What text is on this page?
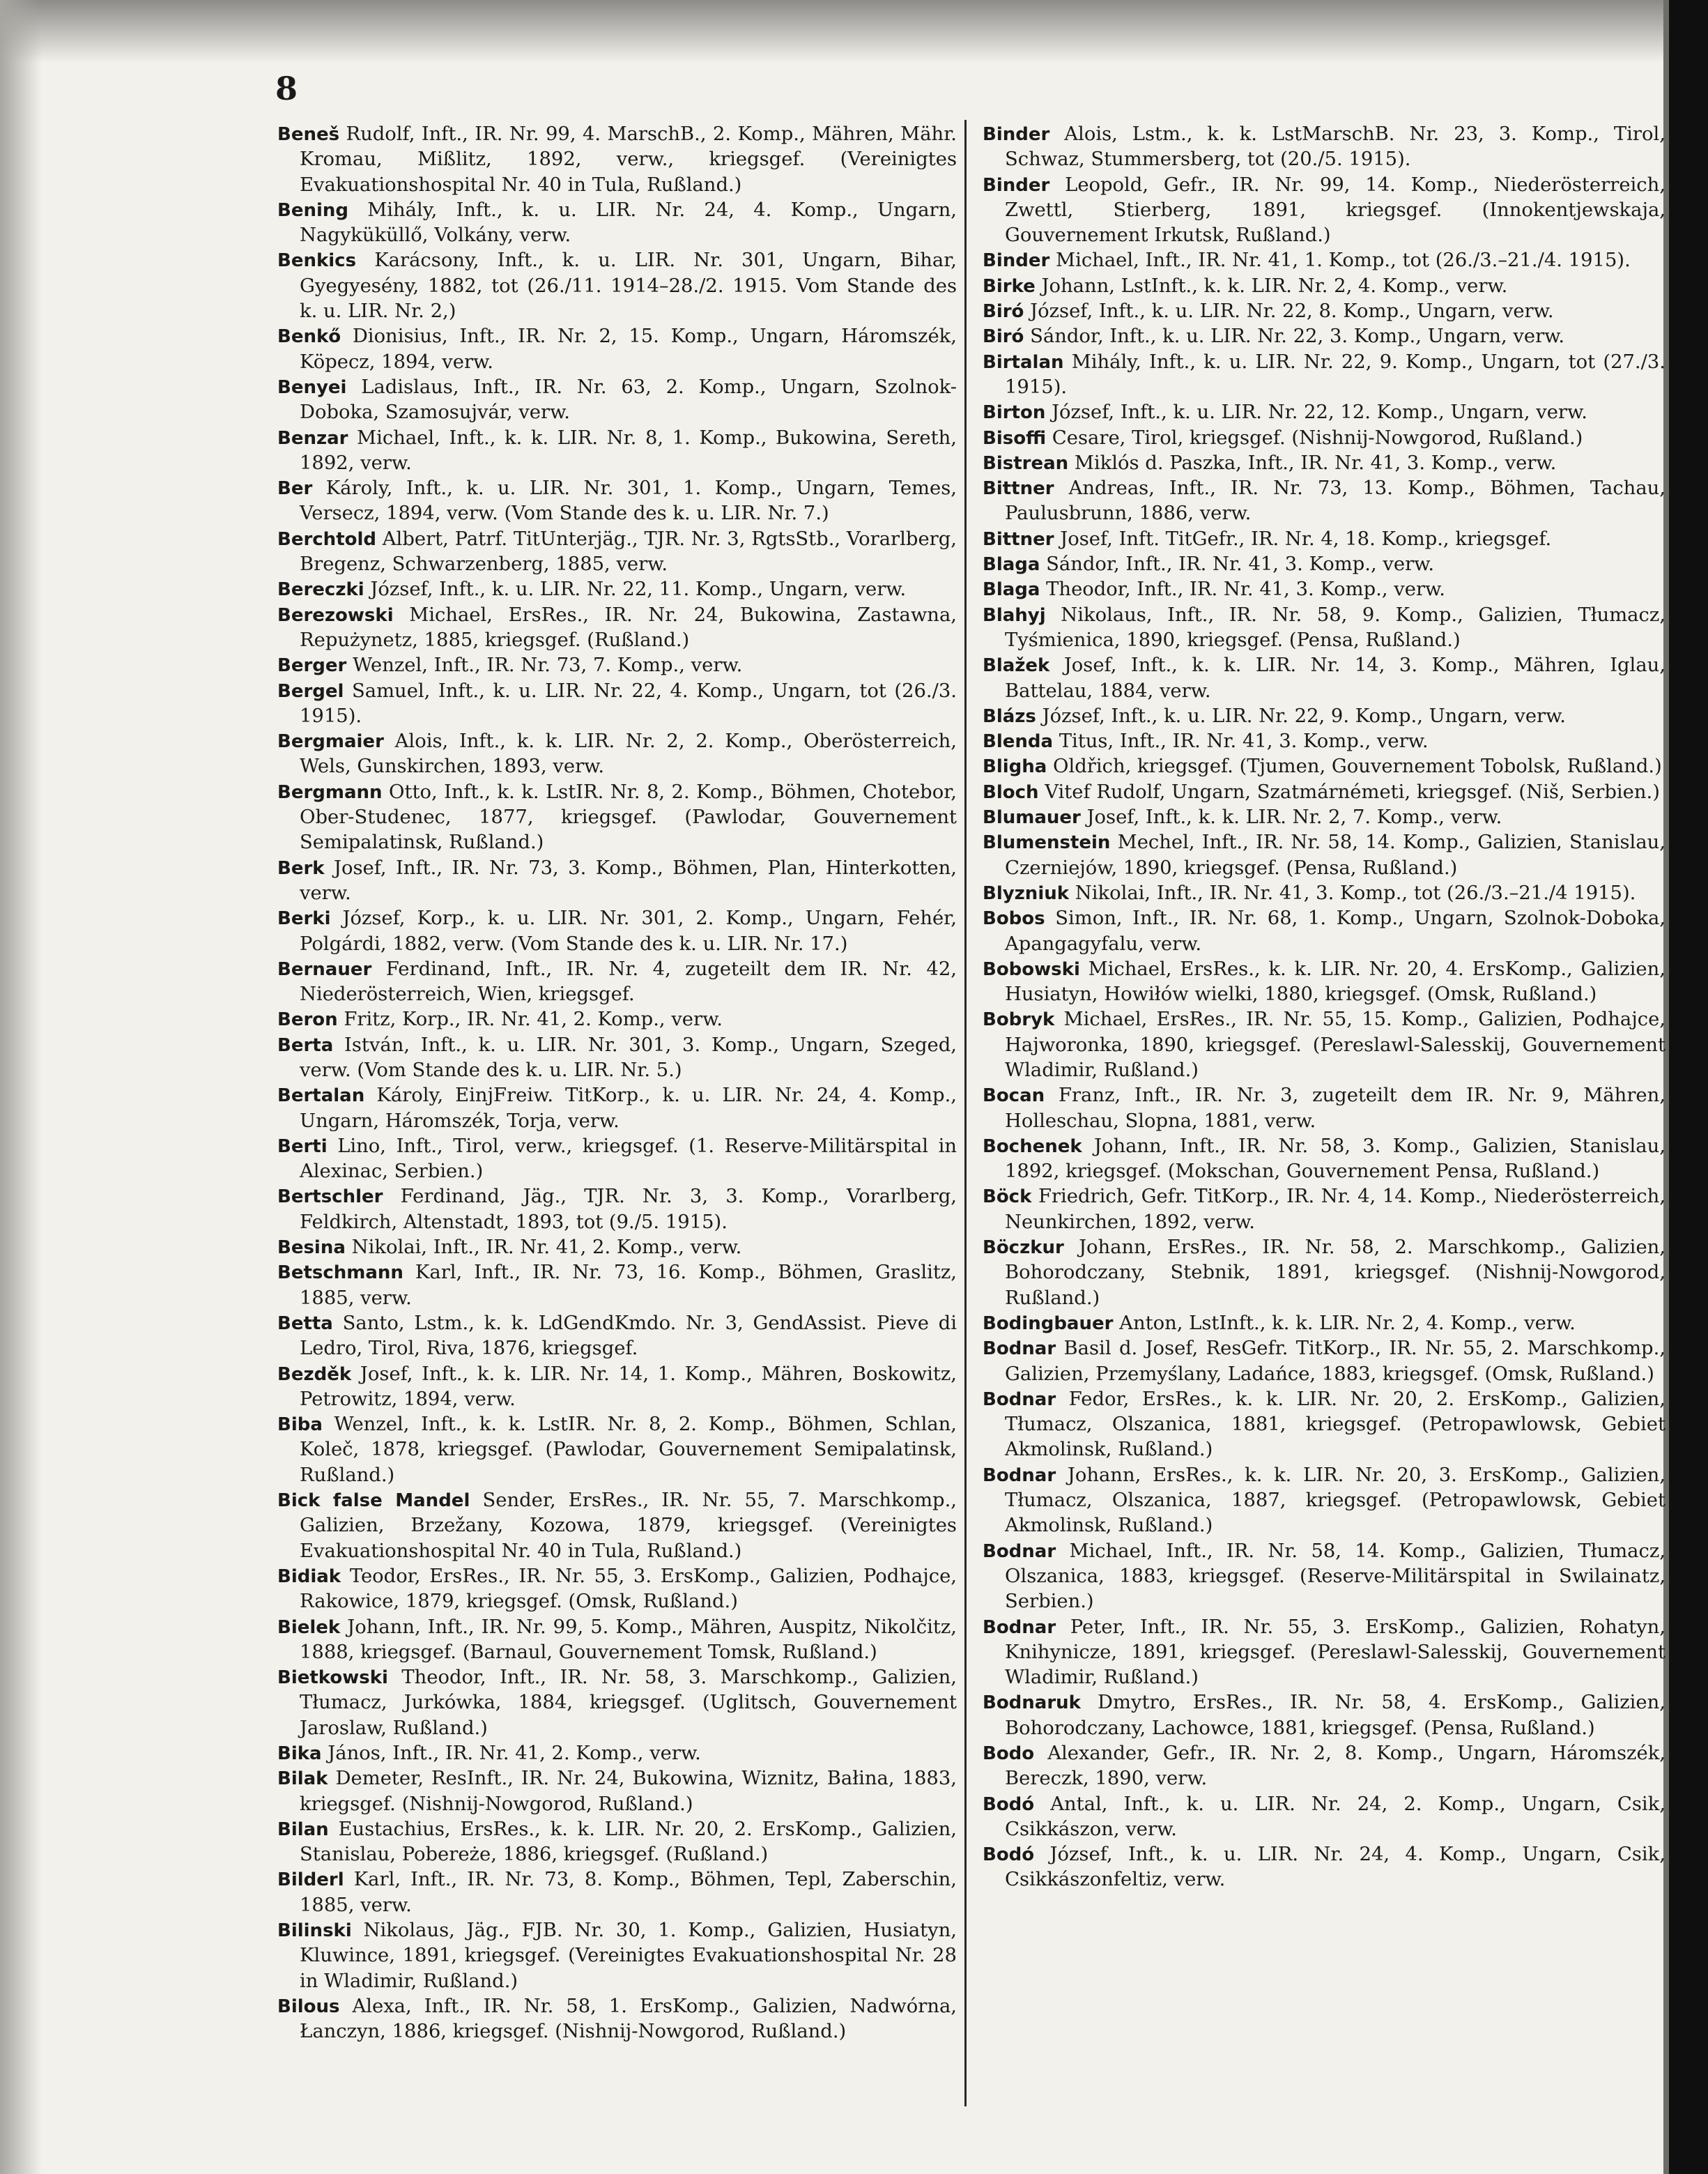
8

Beneš Rudolf, Inft., IR. Nr. 99, 4. MarschB., 2. Komp., Mähren, Mähr. Kromau, Mißlitz, 1892, verw., kriegsgef. (Vereinigtes Evakuationshospital Nr. 40 in Tula, Rußland.)

Bening Mihály, Inft., k. u. LIR. Nr. 24, 4. Komp., Ungarn, Nagyküküllő, Volkány, verw.

Benkics Karácsony, Inft., k. u. LIR. Nr. 301, Ungarn, Bihar, Gyegyesény, 1882, tot (26./11. 1914–28./2. 1915. Vom Stande des k. u. LIR. Nr. 2,)

Benkő Dionisius, Inft., IR. Nr. 2, 15. Komp., Ungarn, Háromszék, Köpecz, 1894, verw.

Benyei Ladislaus, Inft., IR. Nr. 63, 2. Komp., Ungarn, Szolnok-Doboka, Szamosujvár, verw.

Benzar Michael, Inft., k. k. LIR. Nr. 8, 1. Komp., Bukowina, Sereth, 1892, verw.

Ber Károly, Inft., k. u. LIR. Nr. 301, 1. Komp., Ungarn, Temes, Versecz, 1894, verw. (Vom Stande des k. u. LIR. Nr. 7.)

Berchtold Albert, Patrf. TitUnterjäg., TJR. Nr. 3, RgtsStb., Vorarlberg, Bregenz, Schwarzenberg, 1885, verw.

Bereczki József, Inft., k. u. LIR. Nr. 22, 11. Komp., Ungarn, verw.

Berezowski Michael, ErsRes., IR. Nr. 24, Bukowina, Zastawna, Repużynetz, 1885, kriegsgef. (Rußland.)

Berger Wenzel, Inft., IR. Nr. 73, 7. Komp., verw.

Bergel Samuel, Inft., k. u. LIR. Nr. 22, 4. Komp., Ungarn, tot (26./3. 1915).

Bergmaier Alois, Inft., k. k. LIR. Nr. 2, 2. Komp., Oberösterreich, Wels, Gunskirchen, 1893, verw.

Bergmann Otto, Inft., k. k. LstIR. Nr. 8, 2. Komp., Böhmen, Chotebor, Ober-Studenec, 1877, kriegsgef. (Pawlodar, Gouvernement Semipalatinsk, Rußland.)

Berk Josef, Inft., IR. Nr. 73, 3. Komp., Böhmen, Plan, Hinterkotten, verw.

Berki József, Korp., k. u. LIR. Nr. 301, 2. Komp., Ungarn, Fehér, Polgárdi, 1882, verw. (Vom Stande des k. u. LIR. Nr. 17.)

Bernauer Ferdinand, Inft., IR. Nr. 4, zugeteilt dem IR. Nr. 42, Niederösterreich, Wien, kriegsgef.

Beron Fritz, Korp., IR. Nr. 41, 2. Komp., verw.

Berta István, Inft., k. u. LIR. Nr. 301, 3. Komp., Ungarn, Szeged, verw. (Vom Stande des k. u. LIR. Nr. 5.)

Bertalan Károly, EinjFreiw. TitKorp., k. u. LIR. Nr. 24, 4. Komp., Ungarn, Háromszék, Torja, verw.

Berti Lino, Inft., Tirol, verw., kriegsgef. (1. Reserve-Militärspital in Alexinac, Serbien.)

Bertschler Ferdinand, Jäg., TJR. Nr. 3, 3. Komp., Vorarlberg, Feldkirch, Altenstadt, 1893, tot (9./5. 1915).

Besina Nikolai, Inft., IR. Nr. 41, 2. Komp., verw.

Betschmann Karl, Inft., IR. Nr. 73, 16. Komp., Böhmen, Graslitz, 1885, verw.

Betta Santo, Lstm., k. k. LdGendKmdo. Nr. 3, GendAssist. Pieve di Ledro, Tirol, Riva, 1876, kriegsgef.

Bezděk Josef, Inft., k. k. LIR. Nr. 14, 1. Komp., Mähren, Boskowitz, Petrowitz, 1894, verw.

Biba Wenzel, Inft., k. k. LstIR. Nr. 8, 2. Komp., Böhmen, Schlan, Koleč, 1878, kriegsgef. (Pawlodar, Gouvernement Semipalatinsk, Rußland.)

Bick false Mandel Sender, ErsRes., IR. Nr. 55, 7. Marschkomp., Galizien, Brzežany, Kozowa, 1879, kriegsgef. (Vereinigtes Evakuationshospital Nr. 40 in Tula, Rußland.)

Bidiak Teodor, ErsRes., IR. Nr. 55, 3. ErsKomp., Galizien, Podhajce, Rakowice, 1879, kriegsgef. (Omsk, Rußland.)

Bielek Johann, Inft., IR. Nr. 99, 5. Komp., Mähren, Auspitz, Nikolčitz, 1888, kriegsgef. (Barnaul, Gouvernement Tomsk, Rußland.)

Bietkowski Theodor, Inft., IR. Nr. 58, 3. Marschkomp., Galizien, Tłumacz, Jurkówka, 1884, kriegsgef. (Uglitsch, Gouvernement Jaroslaw, Rußland.)

Bika János, Inft., IR. Nr. 41, 2. Komp., verw.

Bilak Demeter, ResInft., IR. Nr. 24, Bukowina, Wiznitz, Bałina, 1883, kriegsgef. (Nishnij-Nowgorod, Rußland.)

Bilan Eustachius, ErsRes., k. k. LIR. Nr. 20, 2. ErsKomp., Galizien, Stanislau, Pobereże, 1886, kriegsgef. (Rußland.)

Bilderl Karl, Inft., IR. Nr. 73, 8. Komp., Böhmen, Tepl, Zaberschin, 1885, verw.

Bilinski Nikolaus, Jäg., FJB. Nr. 30, 1. Komp., Galizien, Husiatyn, Kluwince, 1891, kriegsgef. (Vereinigtes Evakuationshospital Nr. 28 in Wladimir, Rußland.)

Bilous Alexa, Inft., IR. Nr. 58, 1. ErsKomp., Galizien, Nadwórna, Łanczyn, 1886, kriegsgef. (Nishnij-Nowgorod, Rußland.)

Binder Alois, Lstm., k. k. LstMarschB. Nr. 23, 3. Komp., Tirol, Schwaz, Stummersberg, tot (20./5. 1915).

Binder Leopold, Gefr., IR. Nr. 99, 14. Komp., Niederösterreich, Zwettl, Stierberg, 1891, kriegsgef. (Innokentjewskaja, Gouvernement Irkutsk, Rußland.)

Binder Michael, Inft., IR. Nr. 41, 1. Komp., tot (26./3.–21./4. 1915).

Birke Johann, LstInft., k. k. LIR. Nr. 2, 4. Komp., verw.

Biró József, Inft., k. u. LIR. Nr. 22, 8. Komp., Ungarn, verw.

Biró Sándor, Inft., k. u. LIR. Nr. 22, 3. Komp., Ungarn, verw.

Birtalan Mihály, Inft., k. u. LIR. Nr. 22, 9. Komp., Ungarn, tot (27./3. 1915).

Birton József, Inft., k. u. LIR. Nr. 22, 12. Komp., Ungarn, verw.

Bisoffi Cesare, Tirol, kriegsgef. (Nishnij-Nowgorod, Rußland.)

Bistrean Miklós d. Paszka, Inft., IR. Nr. 41, 3. Komp., verw.

Bittner Andreas, Inft., IR. Nr. 73, 13. Komp., Böhmen, Tachau, Paulusbrunn, 1886, verw.

Bittner Josef, Inft. TitGefr., IR. Nr. 4, 18. Komp., kriegsgef.

Blaga Sándor, Inft., IR. Nr. 41, 3. Komp., verw.

Blaga Theodor, Inft., IR. Nr. 41, 3. Komp., verw.

Blahyj Nikolaus, Inft., IR. Nr. 58, 9. Komp., Galizien, Tłumacz, Tyśmienica, 1890, kriegsgef. (Pensa, Rußland.)

Blažek Josef, Inft., k. k. LIR. Nr. 14, 3. Komp., Mähren, Iglau, Battelau, 1884, verw.

Blázs József, Inft., k. u. LIR. Nr. 22, 9. Komp., Ungarn, verw.

Blenda Titus, Inft., IR. Nr. 41, 3. Komp., verw.

Bligha Oldřich, kriegsgef. (Tjumen, Gouvernement Tobolsk, Rußland.)

Bloch Vitef Rudolf, Ungarn, Szatmárnémeti, kriegsgef. (Niš, Serbien.)

Blumauer Josef, Inft., k. k. LIR. Nr. 2, 7. Komp., verw.

Blumenstein Mechel, Inft., IR. Nr. 58, 14. Komp., Galizien, Stanislau, Czerniejów, 1890, kriegsgef. (Pensa, Rußland.)

Blyzniuk Nikolai, Inft., IR. Nr. 41, 3. Komp., tot (26./3.–21./4 1915).

Bobos Simon, Inft., IR. Nr. 68, 1. Komp., Ungarn, Szolnok-Doboka, Apangagyfalu, verw.

Bobowski Michael, ErsRes., k. k. LIR. Nr. 20, 4. ErsKomp., Galizien, Husiatyn, Howiłów wielki, 1880, kriegsgef. (Omsk, Rußland.)

Bobryk Michael, ErsRes., IR. Nr. 55, 15. Komp., Galizien, Podhajce, Hajworonka, 1890, kriegsgef. (Pereslawl-Salesskij, Gouvernement Wladimir, Rußland.)

Bocan Franz, Inft., IR. Nr. 3, zugeteilt dem IR. Nr. 9, Mähren, Holleschau, Slopna, 1881, verw.

Bochenek Johann, Inft., IR. Nr. 58, 3. Komp., Galizien, Stanislau, 1892, kriegsgef. (Mokschan, Gouvernement Pensa, Rußland.)

Böck Friedrich, Gefr. TitKorp., IR. Nr. 4, 14. Komp., Niederösterreich, Neunkirchen, 1892, verw.

Böczkur Johann, ErsRes., IR. Nr. 58, 2. Marschkomp., Galizien, Bohorodczany, Stebnik, 1891, kriegsgef. (Nishnij-Nowgorod, Rußland.)

Bodingbauer Anton, LstInft., k. k. LIR. Nr. 2, 4. Komp., verw.

Bodnar Basil d. Josef, ResGefr. TitKorp., IR. Nr. 55, 2. Marschkomp., Galizien, Przemyślany, Ladańce, 1883, kriegsgef. (Omsk, Rußland.)

Bodnar Fedor, ErsRes., k. k. LIR. Nr. 20, 2. ErsKomp., Galizien, Tłumacz, Olszanica, 1881, kriegsgef. (Petropawlowsk, Gebiet Akmolinsk, Rußland.)

Bodnar Johann, ErsRes., k. k. LIR. Nr. 20, 3. ErsKomp., Galizien, Tłumacz, Olszanica, 1887, kriegsgef. (Petropawlowsk, Gebiet Akmolinsk, Rußland.)

Bodnar Michael, Inft., IR. Nr. 58, 14. Komp., Galizien, Tłumacz, Olszanica, 1883, kriegsgef. (Reserve-Militärspital in Swilainatz, Serbien.)

Bodnar Peter, Inft., IR. Nr. 55, 3. ErsKomp., Galizien, Rohatyn, Knihynicze, 1891, kriegsgef. (Pereslawl-Salesskij, Gouvernement Wladimir, Rußland.)

Bodnaruk Dmytro, ErsRes., IR. Nr. 58, 4. ErsKomp., Galizien, Bohorodczany, Lachowce, 1881, kriegsgef. (Pensa, Rußland.)

Bodo Alexander, Gefr., IR. Nr. 2, 8. Komp., Ungarn, Háromszék, Bereczk, 1890, verw.

Bodó Antal, Inft., k. u. LIR. Nr. 24, 2. Komp., Ungarn, Csik, Csikkászon, verw.

Bodó József, Inft., k. u. LIR. Nr. 24, 4. Komp., Ungarn, Csik, Csikkászonfeltiz, verw.
